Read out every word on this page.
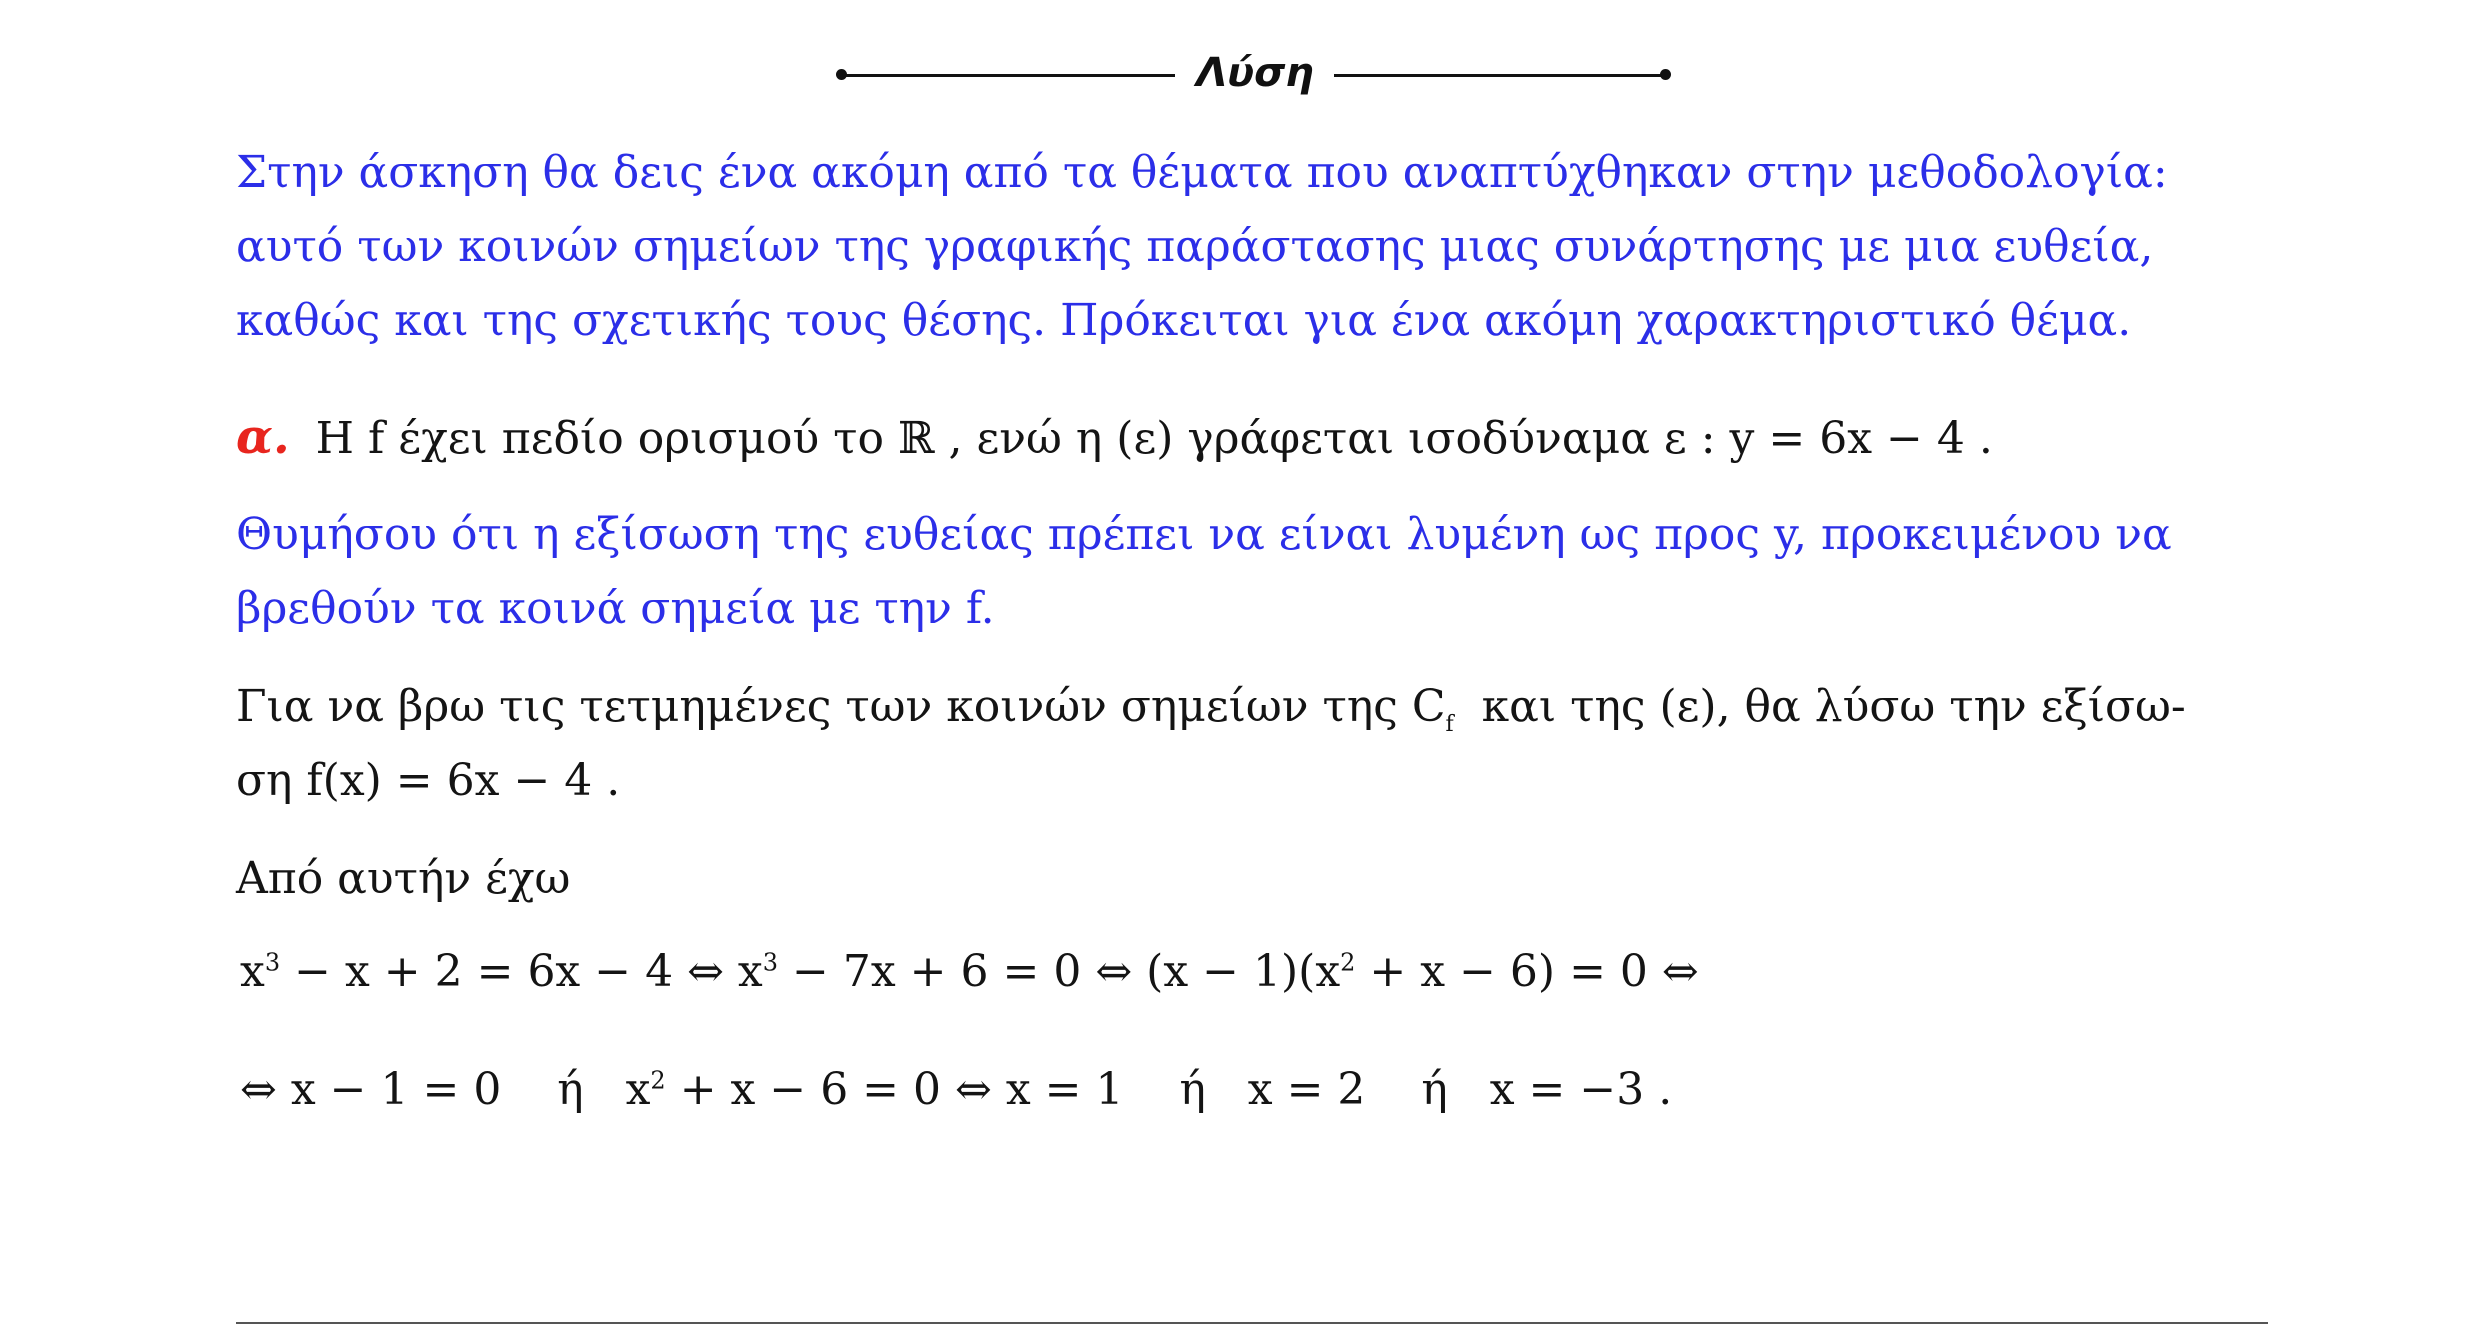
Λύση
Στην άσκηση θα δεις ένα ακόμη από τα θέματα που αναπτύχθηκαν στην μεθοδολογία:
αυτό των κοινών σημείων της γραφικής παράστασης μιας συνάρτησης με μια ευθεία,
καθώς και της σχετικής τους θέσης. Πρόκειται για ένα ακόμη χαρακτηριστικό θέμα.
α. Η f έχει πεδίο ορισμού το ℝ , ενώ η (ε) γράφεται ισοδύναμα ε : y = 6x − 4 .
Θυμήσου ότι η εξίσωση της ευθείας πρέπει να είναι λυμένη ως προς y, προκειμένου να
βρεθούν τα κοινά σημεία με την f.
Για να βρω τις τετμημένες των κοινών σημείων της $C_f$  και της (ε), θα λύσω την εξίσω-
ση f(x) = 6x − 4 .
Από αυτήν έχω
$x^3 - x + 2 = 6x - 4$ ⇔ $x^3 - 7x + 6 = 0$ ⇔ $(x - 1)(x^2 + x - 6) = 0$ ⇔
⇔ x − 1 = 0    ή   $x^2 + x - 6 = 0$ ⇔ x = 1    ή   x = 2    ή   x = −3 .
